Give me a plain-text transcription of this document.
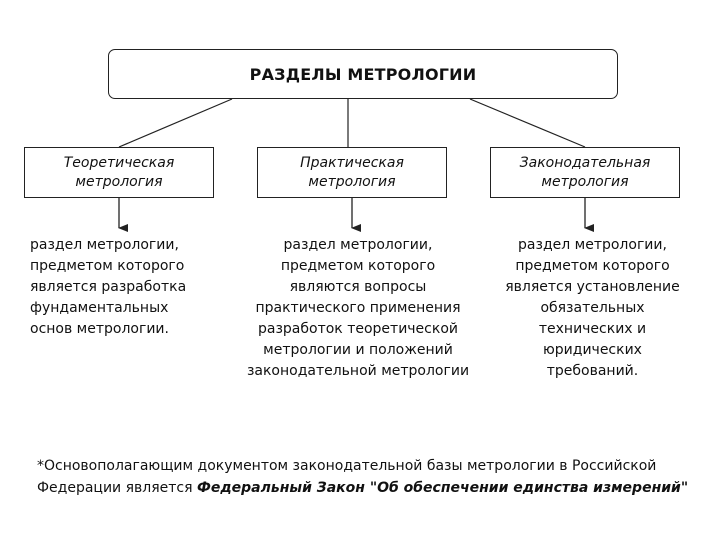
РАЗДЕЛЫ МЕТРОЛОГИИ
Теоретическая
метрология
Практическая
метрология
Законодательная
метрология
раздел метрологии,
предметом которого
является разработка
фундаментальных
основ метрологии.
раздел метрологии,
предметом которого
являются вопросы
практического применения
разработок теоретической
метрологии и положений
законодательной метрологии
раздел метрологии,
предметом которого
является установление
обязательных
технических и
юридических
требований.
*Основополагающим документом законодательной базы метрологии в Российской
Федерации является Федеральный Закон "Об обеспечении единства измерений"
